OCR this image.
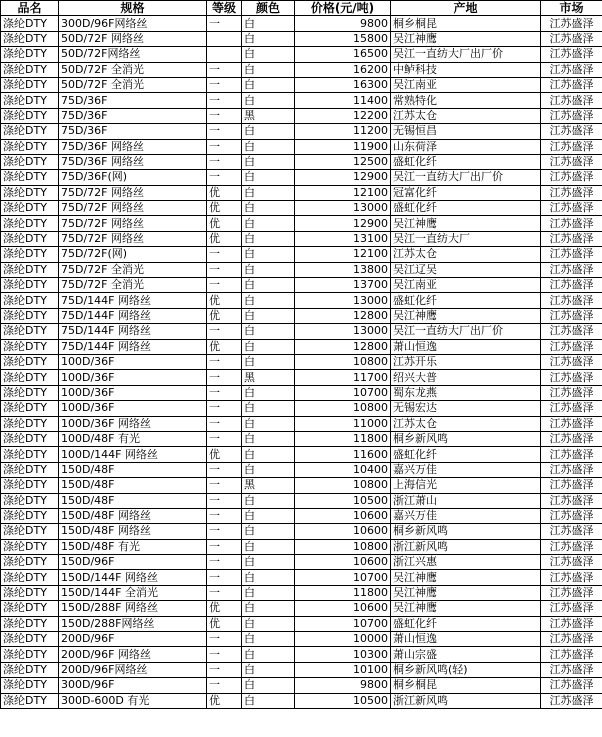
品名	规格	等级	颜色	价格(元/吨)	产地	市场
涤纶DTY	300D/96F网络丝	一	白	9800	桐乡桐昆	江苏盛泽
涤纶DTY	50D/72F 网络丝		白	15800	吴江神鹰	江苏盛泽
涤纶DTY	50D/72F网络丝		白	16500	吴江一直纺大厂出厂价	江苏盛泽
涤纶DTY	50D/72F 全消光	一	白	16200	中鲈科技	江苏盛泽
涤纶DTY	50D/72F 全消光	一	白	16300	吴江南亚	江苏盛泽
涤纶DTY	75D/36F	一	白	11400	常熟特化	江苏盛泽
涤纶DTY	75D/36F	一	黑	12200	江苏太仓	江苏盛泽
涤纶DTY	75D/36F	一	白	11200	无锡恒昌	江苏盛泽
涤纶DTY	75D/36F 网络丝	一	白	11900	山东荷泽	江苏盛泽
涤纶DTY	75D/36F 网络丝	一	白	12500	盛虹化纤	江苏盛泽
涤纶DTY	75D/36F(网)	一	白	12900	吴江一直纺大厂出厂价	江苏盛泽
涤纶DTY	75D/72F 网络丝	优	白	12100	冠富化纤	江苏盛泽
涤纶DTY	75D/72F 网络丝	优	白	13000	盛虹化纤	江苏盛泽
涤纶DTY	75D/72F 网络丝	优	白	12900	吴江神鹰	江苏盛泽
涤纶DTY	75D/72F 网络丝	优	白	13100	吴江一直纺大厂	江苏盛泽
涤纶DTY	75D/72F(网)	一	白	12100	江苏太仓	江苏盛泽
涤纶DTY	75D/72F 全消光	一	白	13800	吴江辽吴	江苏盛泽
涤纶DTY	75D/72F 全消光	一	白	13700	吴江南亚	江苏盛泽
涤纶DTY	75D/144F 网络丝	优	白	13000	盛虹化纤	江苏盛泽
涤纶DTY	75D/144F 网络丝	优	白	12800	吴江神鹰	江苏盛泽
涤纶DTY	75D/144F 网络丝	一	白	13000	吴江一直纺大厂出厂价	江苏盛泽
涤纶DTY	75D/144F 网络丝	优	白	12800	萧山恒逸	江苏盛泽
涤纶DTY	100D/36F	一	白	10800	江苏开乐	江苏盛泽
涤纶DTY	100D/36F	一	黑	11700	绍兴大普	江苏盛泽
涤纶DTY	100D/36F	一	白	10700	蜀东龙燕	江苏盛泽
涤纶DTY	100D/36F	一	白	10800	无锡宏达	江苏盛泽
涤纶DTY	100D/36F 网络丝	一	白	11000	江苏太仓	江苏盛泽
涤纶DTY	100D/48F 有光	一	白	11800	桐乡新风鸣	江苏盛泽
涤纶DTY	100D/144F 网络丝	优	白	11600	盛虹化纤	江苏盛泽
涤纶DTY	150D/48F	一	白	10400	嘉兴万佳	江苏盛泽
涤纶DTY	150D/48F	一	黑	10800	上海信光	江苏盛泽
涤纶DTY	150D/48F	一	白	10500	浙江萧山	江苏盛泽
涤纶DTY	150D/48F 网络丝	一	白	10600	嘉兴万佳	江苏盛泽
涤纶DTY	150D/48F 网络丝	一	白	10600	桐乡新风鸣	江苏盛泽
涤纶DTY	150D/48F 有光	一	白	10800	浙江新风鸣	江苏盛泽
涤纶DTY	150D/96F	一	白	10600	浙江兴惠	江苏盛泽
涤纶DTY	150D/144F 网络丝	一	白	10700	吴江神鹰	江苏盛泽
涤纶DTY	150D/144F 全消光	一	白	11800	吴江神鹰	江苏盛泽
涤纶DTY	150D/288F 网络丝	优	白	10600	吴江神鹰	江苏盛泽
涤纶DTY	150D/288F网络丝	优	白	10700	盛虹化纤	江苏盛泽
涤纶DTY	200D/96F	一	白	10000	萧山恒逸	江苏盛泽
涤纶DTY	200D/96F 网络丝	一	白	10300	萧山宗盛	江苏盛泽
涤纶DTY	200D/96F网络丝	一	白	10100	桐乡新风鸣(轻)	江苏盛泽
涤纶DTY	300D/96F	一	白	9800	桐乡桐昆	江苏盛泽
涤纶DTY	300D-600D 有光	优	白	10500	浙江新风鸣	江苏盛泽
